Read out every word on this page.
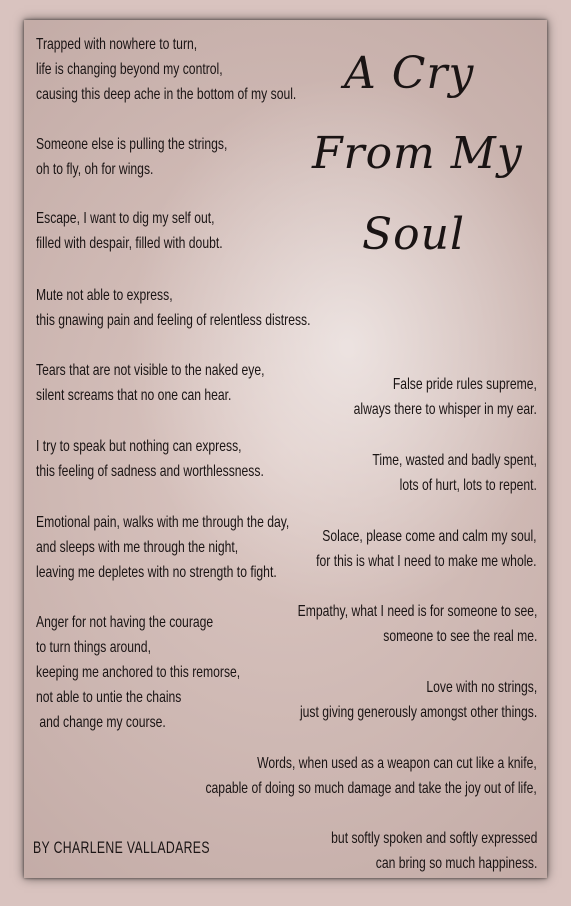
A Cry
From My
Soul
Trapped with nowhere to turn,
life is changing beyond my control,
causing this deep ache in the bottom of my soul.
Someone else is pulling the strings,
oh to fly, oh for wings.
Escape, I want to dig my self out,
filled with despair, filled with doubt.
Mute not able to express,
this gnawing pain and feeling of relentless distress.
Tears that are not visible to the naked eye,
silent screams that no one can hear.
I try to speak but nothing can express,
this feeling of sadness and worthlessness.
Emotional pain, walks with me through the day,
and sleeps with me through the night,
leaving me depletes with no strength to fight.
Anger for not having the courage
to turn things around,
keeping me anchored to this remorse,
not able to untie the chains
and change my course.
False pride rules supreme,
always there to whisper in my ear.
Time, wasted and badly spent,
lots of hurt, lots to repent.
Solace, please come and calm my soul,
for this is what I need to make me whole.
Empathy, what I need is for someone to see,
someone to see the real me.
Love with no strings,
just giving generously amongst other things.
Words, when used as a weapon can cut like a knife,
capable of doing so much damage and take the joy out of life,
but softly spoken and softly expressed
can bring so much happiness.
BY CHARLENE VALLADARES
